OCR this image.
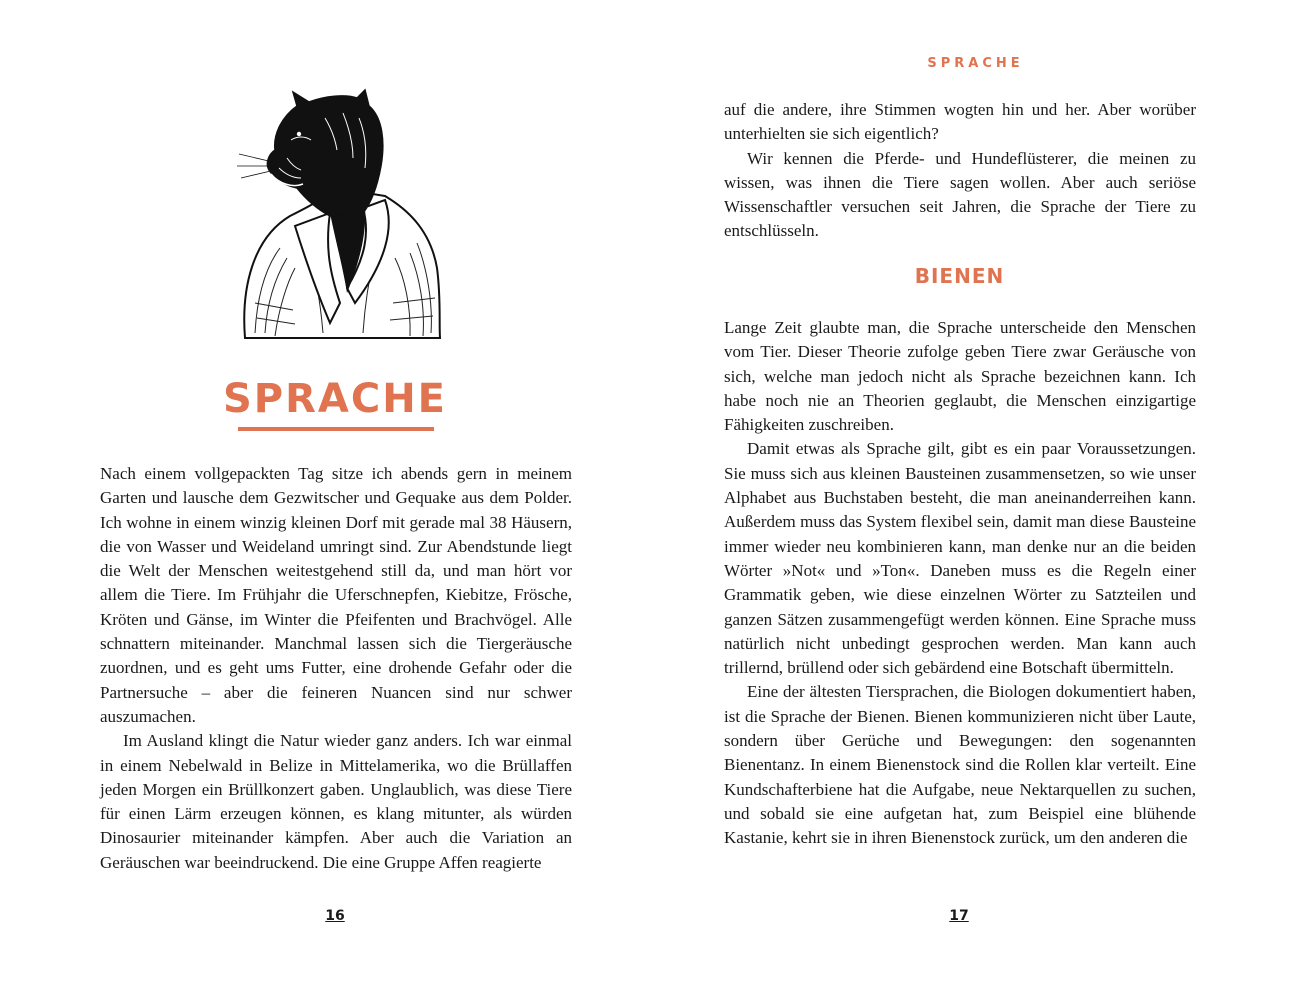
SPRACHE

Nach einem vollgepackten Tag sitze ich abends gern in meinem Garten und lausche dem Gezwitscher und Gequake aus dem Polder. Ich wohne in einem winzig kleinen Dorf mit gerade mal 38 Häusern, die von Wasser und Weideland umringt sind. Zur Abendstunde liegt die Welt der Menschen weitestgehend still da, und man hört vor allem die Tiere. Im Frühjahr die Uferschnepfen, Kiebitze, Frösche, Kröten und Gänse, im Winter die Pfeifenten und Brachvögel. Alle schnattern miteinander. Manchmal lassen sich die Tiergeräusche zuordnen, und es geht ums Futter, eine drohende Gefahr oder die Partnersuche – aber die feineren Nuancen sind nur schwer auszumachen.

Im Ausland klingt die Natur wieder ganz anders. Ich war einmal in einem Nebelwald in Belize in Mittelamerika, wo die Brüllaffen jeden Morgen ein Brüllkonzert gaben. Unglaublich, was diese Tiere für einen Lärm erzeugen können, es klang mitunter, als würden Dinosaurier miteinander kämpfen. Aber auch die Variation an Geräuschen war beeindruckend. Die eine Gruppe Affen reagierte

16
SPRACHE

auf die andere, ihre Stimmen wogten hin und her. Aber worüber unterhielten sie sich eigentlich?

Wir kennen die Pferde- und Hundeflüsterer, die meinen zu wissen, was ihnen die Tiere sagen wollen. Aber auch seriöse Wissenschaftler versuchen seit Jahren, die Sprache der Tiere zu entschlüsseln.

BIENEN

Lange Zeit glaubte man, die Sprache unterscheide den Menschen vom Tier. Dieser Theorie zufolge geben Tiere zwar Geräusche von sich, welche man jedoch nicht als Sprache bezeichnen kann. Ich habe noch nie an Theorien geglaubt, die Menschen einzigartige Fähigkeiten zuschreiben.

Damit etwas als Sprache gilt, gibt es ein paar Voraussetzungen. Sie muss sich aus kleinen Bausteinen zusammensetzen, so wie unser Alphabet aus Buchstaben besteht, die man aneinanderreihen kann. Außerdem muss das System flexibel sein, damit man diese Bausteine immer wieder neu kombinieren kann, man denke nur an die beiden Wörter »Not« und »Ton«. Daneben muss es die Regeln einer Grammatik geben, wie diese einzelnen Wörter zu Satzteilen und ganzen Sätzen zusammengefügt werden können. Eine Sprache muss natürlich nicht unbedingt gesprochen werden. Man kann auch trillernd, brüllend oder sich gebärdend eine Botschaft übermitteln.

Eine der ältesten Tiersprachen, die Biologen dokumentiert haben, ist die Sprache der Bienen. Bienen kommunizieren nicht über Laute, sondern über Gerüche und Bewegungen: den sogenannten Bienentanz. In einem Bienenstock sind die Rollen klar verteilt. Eine Kundschafterbiene hat die Aufgabe, neue Nektarquellen zu suchen, und sobald sie eine aufgetan hat, zum Beispiel eine blühende Kastanie, kehrt sie in ihren Bienenstock zurück, um den anderen die

17
